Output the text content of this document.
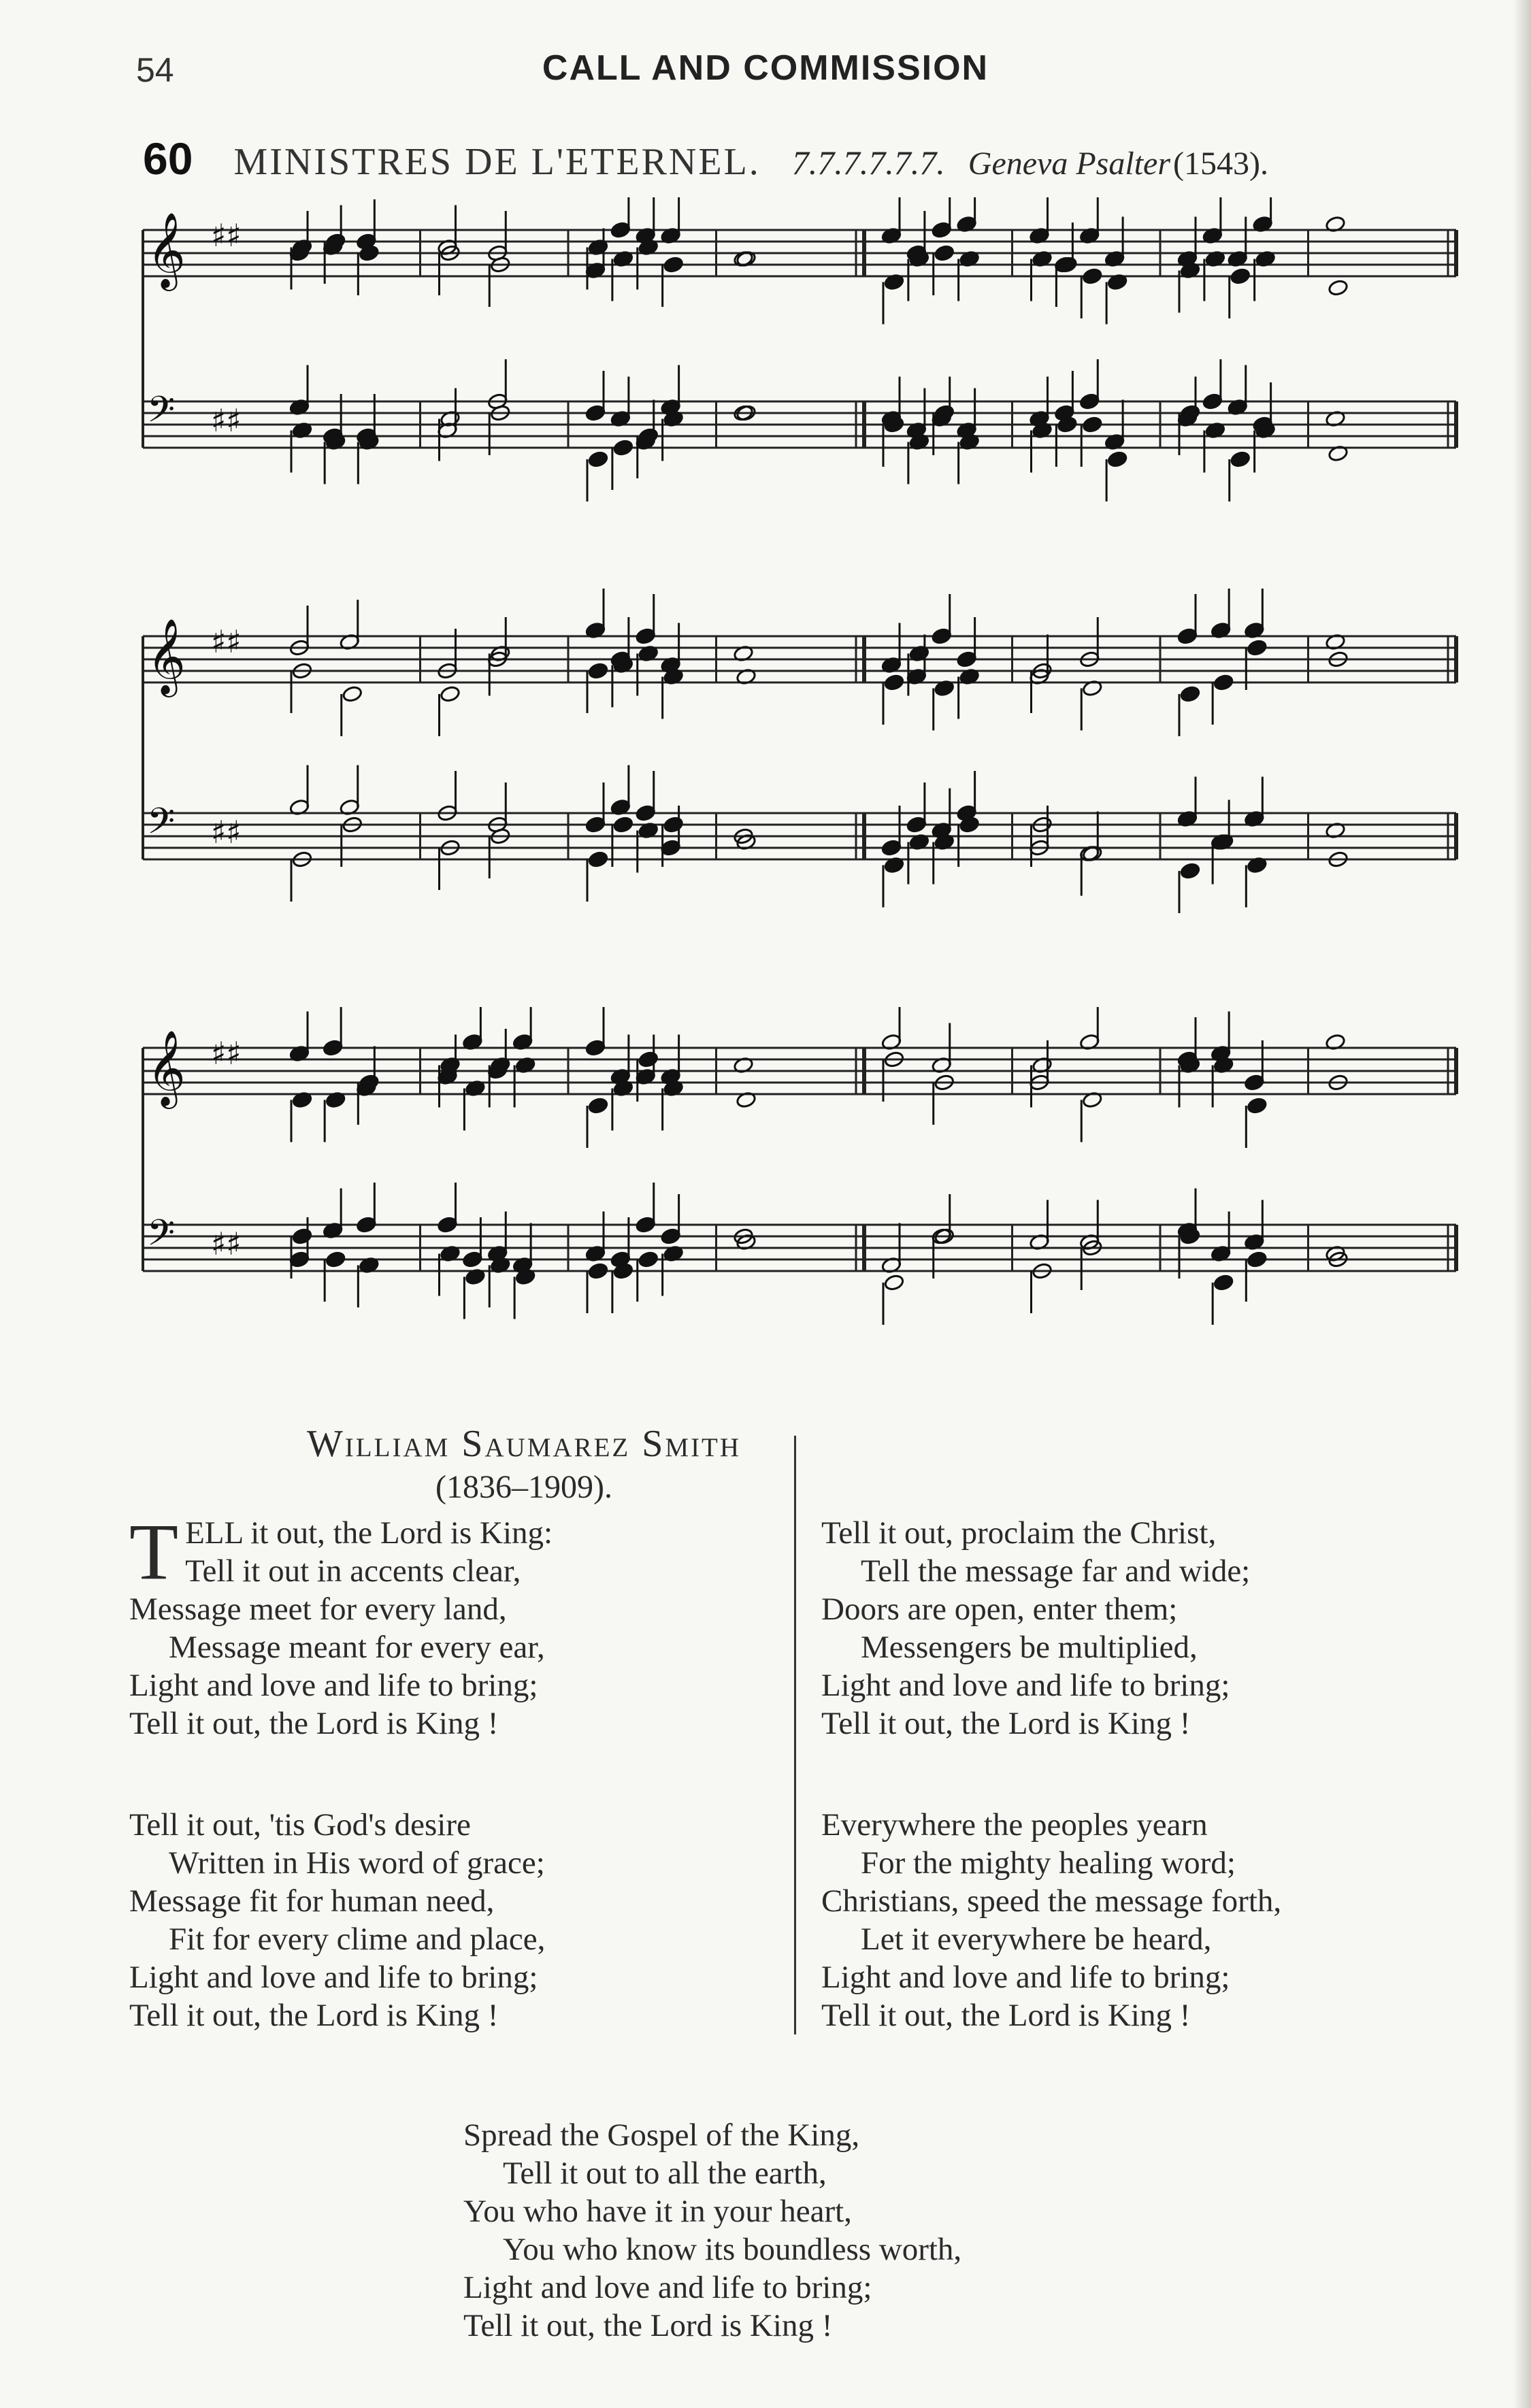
54	CALL AND COMMISSION
60 MINISTRES DE L'ETERNEL. 7.7.7.7.7.7. Geneva Psalter(1543).
𝄞 ♯♯
𝄢 ♯♯
𝄞 ♯♯
𝄢 ♯♯
𝄞 ♯♯
𝄢 ♯♯
William Saumarez Smith
(1836–1909).
T ELL it out, the Lord is King:
Tell it out in accents clear,
Message meet for every land,
Message meant for every ear,
Light and love and life to bring;
Tell it out, the Lord is King !
Tell it out, proclaim the Christ,
Tell the message far and wide;
Doors are open, enter them;
Messengers be multiplied,
Light and love and life to bring;
Tell it out, the Lord is King !
Tell it out, 'tis God's desire
Written in His word of grace;
Message fit for human need,
Fit for every clime and place,
Light and love and life to bring;
Tell it out, the Lord is King !
Everywhere the peoples yearn
For the mighty healing word;
Christians, speed the message forth,
Let it everywhere be heard,
Light and love and life to bring;
Tell it out, the Lord is King !
Spread the Gospel of the King,
Tell it out to all the earth,
You who have it in your heart,
You who know its boundless worth,
Light and love and life to bring;
Tell it out, the Lord is King !
